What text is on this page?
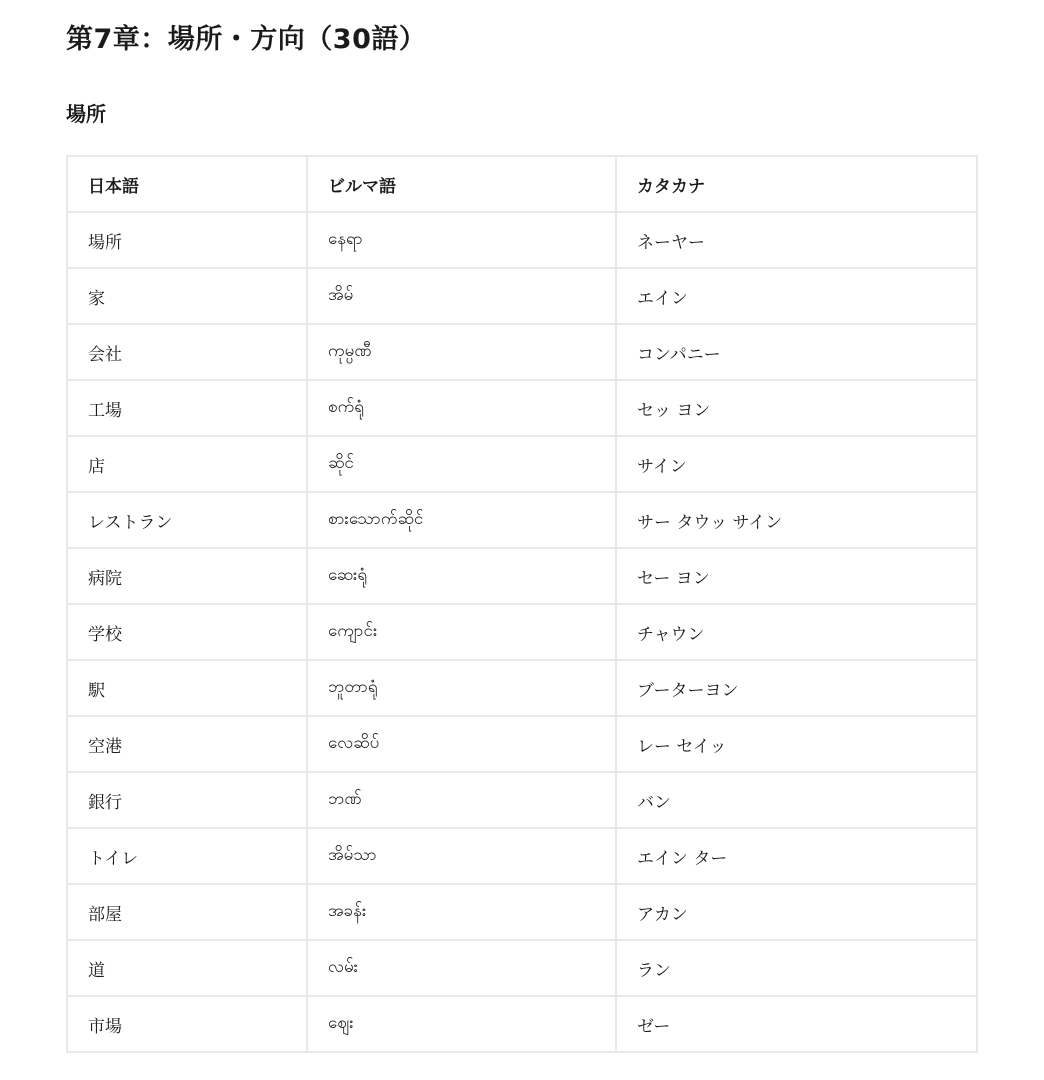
第7章：場所・方向（30語）
場所
日本語	ビルマ語	カタカナ
場所	နေရာ	ネーヤー
家	အိမ်	エイン
会社	ကုမ္ပဏီ	コンパニー
工場	စက်ရုံ	セッ ヨン
店	ဆိုင်	サイン
レストラン	စားသောက်ဆိုင်	サー タウッ サイン
病院	ဆေးရုံ	セー ヨン
学校	ကျောင်း	チャウン
駅	ဘူတာရုံ	ブーターヨン
空港	လေဆိပ်	レー セイッ
銀行	ဘဏ်	バン
トイレ	အိမ်သာ	エイン ター
部屋	အခန်း	アカン
道	လမ်း	ラン
市場	ဈေး	ゼー
